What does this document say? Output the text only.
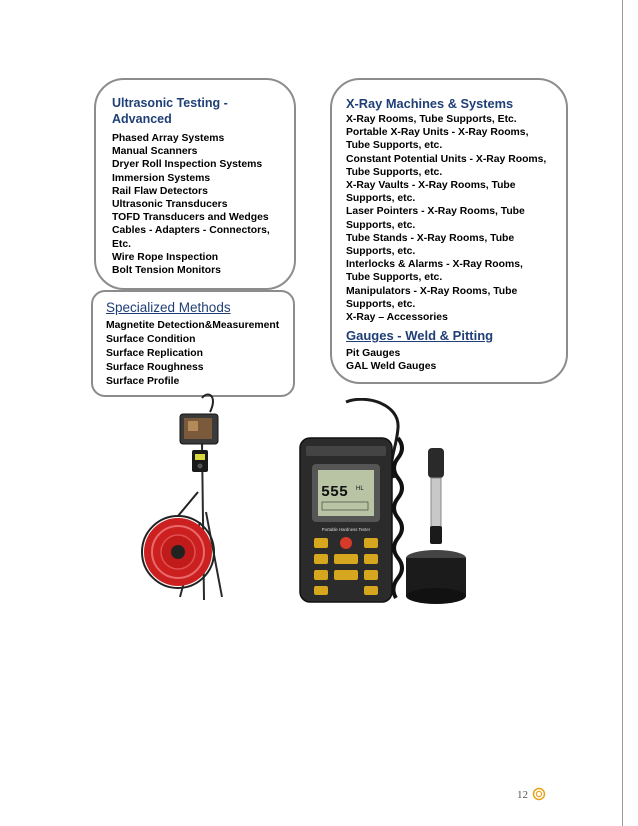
Ultrasonic Testing -
Advanced
Phased Array Systems
Manual Scanners
Dryer Roll Inspection Systems
Immersion Systems
Rail Flaw Detectors
Ultrasonic Transducers
TOFD Transducers and Wedges
Cables - Adapters - Connectors,
Etc.
Wire Rope Inspection
Bolt Tension Monitors
Specialized Methods
Magnetite Detection&Measurement
Surface Condition
Surface Replication
Surface Roughness
Surface Profile
X-Ray Machines & Systems
X-Ray Rooms, Tube Supports, Etc.
Portable X-Ray Units - X-Ray Rooms,
Tube Supports, etc.
Constant Potential Units - X-Ray Rooms,
Tube Supports, etc.
X-Ray Vaults - X-Ray Rooms, Tube
Supports, etc.
Laser Pointers - X-Ray Rooms, Tube
Supports, etc.
Tube Stands - X-Ray Rooms, Tube
Supports, etc.
Interlocks & Alarms - X-Ray Rooms,
Tube Supports, etc.
Manipulators - X-Ray Rooms, Tube
Supports, etc.
X-Ray – Accessories
Gauges - Weld & Pitting
Pit Gauges
GAL Weld Gauges
555 HL
Portable Hardness Tester
12
